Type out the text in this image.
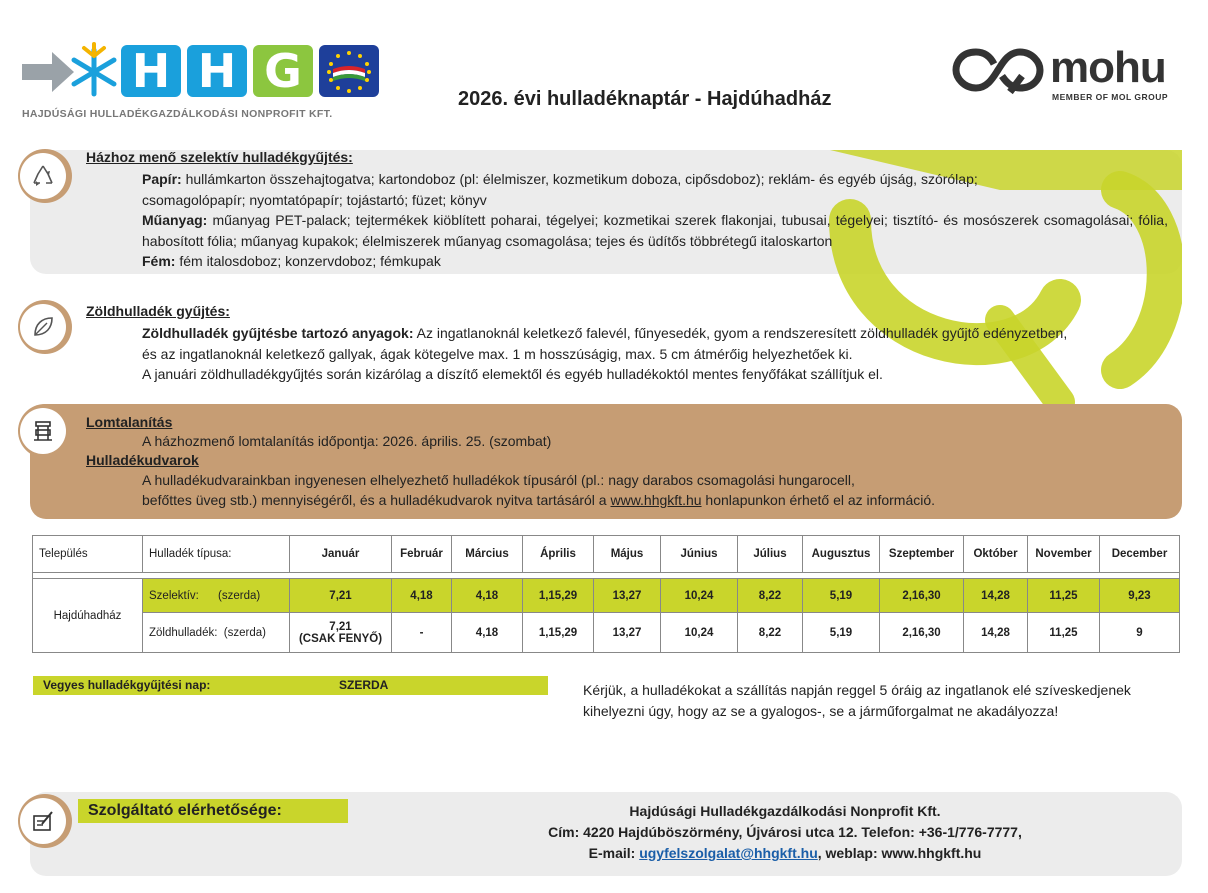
H H G
HAJDÚSÁGI HULLADÉKGAZDÁLKODÁSI NONPROFIT KFT.
2026. évi hulladéknaptár - Hajdúhadház
mohu
MEMBER OF MOL GROUP
Házhoz menő szelektív hulladékgyűjtés:
Papír: hullámkarton összehajtogatva; kartondoboz (pl: élelmiszer, kozmetikum doboza, cipősdoboz); reklám- és egyéb újság, szórólap;
csomagolópapír; nyomtatópapír; tojástartó; füzet; könyv
Műanyag: műanyag PET-palack; tejtermékek kiöblített poharai, tégelyei; kozmetikai szerek flakonjai, tubusai, tégelyei; tisztító- és mosószerek csomagolásai; fólia, habosított fólia; műanyag kupakok; élelmiszerek műanyag csomagolása; tejes és üdítős többrétegű italoskarton
Fém: fém italosdoboz; konzervdoboz; fémkupak
Zöldhulladék gyűjtés:
Zöldhulladék gyűjtésbe tartozó anyagok: Az ingatlanoknál keletkező falevél, fűnyesedék, gyom a rendszeresített zöldhulladék gyűjtő edényzetben,
és az ingatlanoknál keletkező gallyak, ágak kötegelve max. 1 m hosszúságig, max. 5 cm átmérőig helyezhetőek ki.
A januári zöldhulladékgyűjtés során kizárólag a díszítő elemektől és egyéb hulladékoktól mentes fenyőfákat szállítjuk el.
Lomtalanítás
A házhozmenő lomtalanítás időpontja: 2026. április. 25. (szombat)
Hulladékudvarok
A hulladékudvarainkban ingyenesen elhelyezhető hulladékok típusáról (pl.: nagy darabos csomagolási hungarocell,
befőttes üveg stb.) mennyiségéről, és a hulladékudvarok nyitva tartásáról a www.hhgkft.hu honlapunkon érhető el az információ.
Település	Hulladék típusa:	Január	Február	Március	Április	Május	Június	Július	Augusztus	Szeptember	Október	November	December

Hajdúhadház	Szelektív: (szerda)	7,21	4,18	4,18	1,15,29	13,27	10,24	8,22	5,19	2,16,30	14,28	11,25	9,23
	Zöldhulladék: (szerda)	7,21
(CSAK FENYŐ)	-	4,18	1,15,29	13,27	10,24	8,22	5,19	2,16,30	14,28	11,25	9
Vegyes hulladékgyűjtési nap:	SZERDA	Kérjük, a hulladékokat a szállítás napján reggel 5 óráig az ingatlanok elé szíveskedjenek
kihelyezni úgy, hogy az se a gyalogos-, se a járműforgalmat ne akadályozza!
Szolgáltató elérhetősége:	Hajdúsági Hulladékgazdálkodási Nonprofit Kft.
Cím: 4220 Hajdúböszörmény, Újvárosi utca 12. Telefon: +36-1/776-7777,
E-mail: ugyfelszolgalat@hhgkft.hu, weblap: www.hhgkft.hu
